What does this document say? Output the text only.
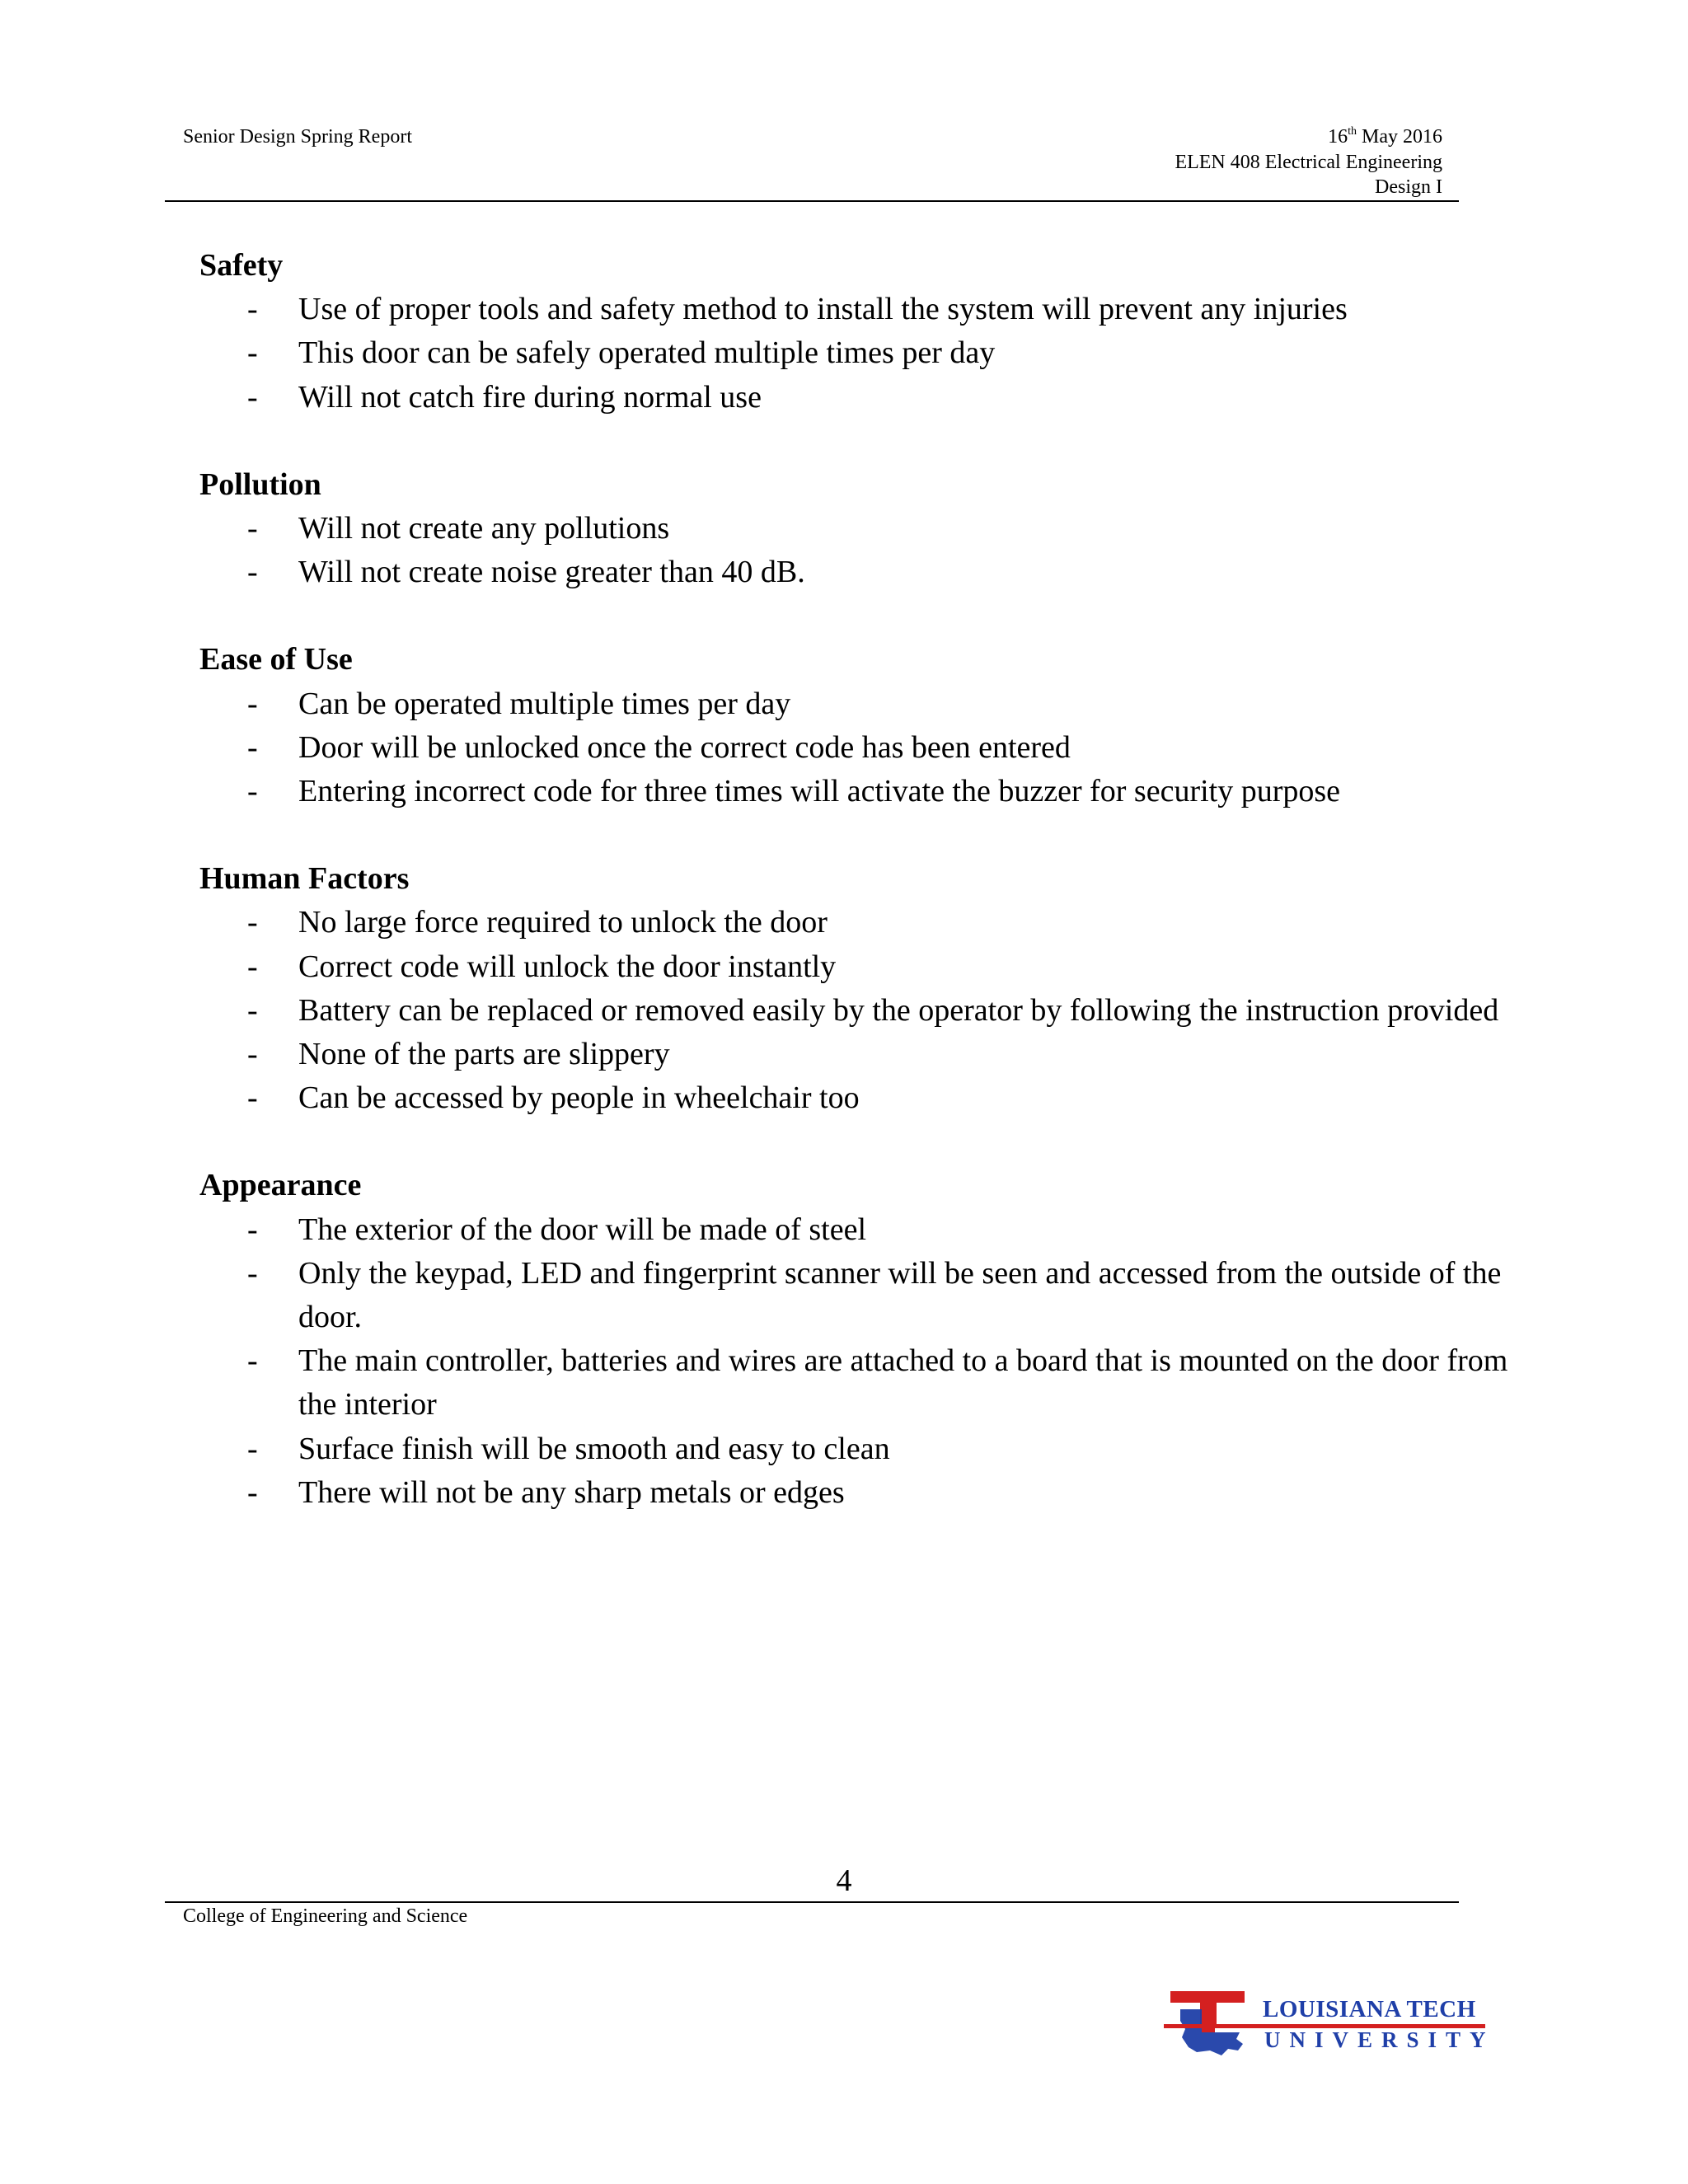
Senior Design Spring Report	16th May 2016
ELEN 408 Electrical Engineering
Design I
Safety
- Use of proper tools and safety method to install the system will prevent any injuries
- This door can be safely operated multiple times per day
- Will not catch fire during normal use
Pollution
- Will not create any pollutions
- Will not create noise greater than 40 dB.
Ease of Use
- Can be operated multiple times per day
- Door will be unlocked once the correct code has been entered
- Entering incorrect code for three times will activate the buzzer for security purpose
Human Factors
- No large force required to unlock the door
- Correct code will unlock the door instantly
- Battery can be replaced or removed easily by the operator by following the instruction provided
- None of the parts are slippery
- Can be accessed by people in wheelchair too
Appearance
- The exterior of the door will be made of steel
- Only the keypad, LED and fingerprint scanner will be seen and accessed from the outside of the door.
- The main controller, batteries and wires are attached to a board that is mounted on the door from the interior
- Surface finish will be smooth and easy to clean
- There will not be any sharp metals or edges
4
College of Engineering and Science
LOUISIANA TECH
UNIVERSITY
